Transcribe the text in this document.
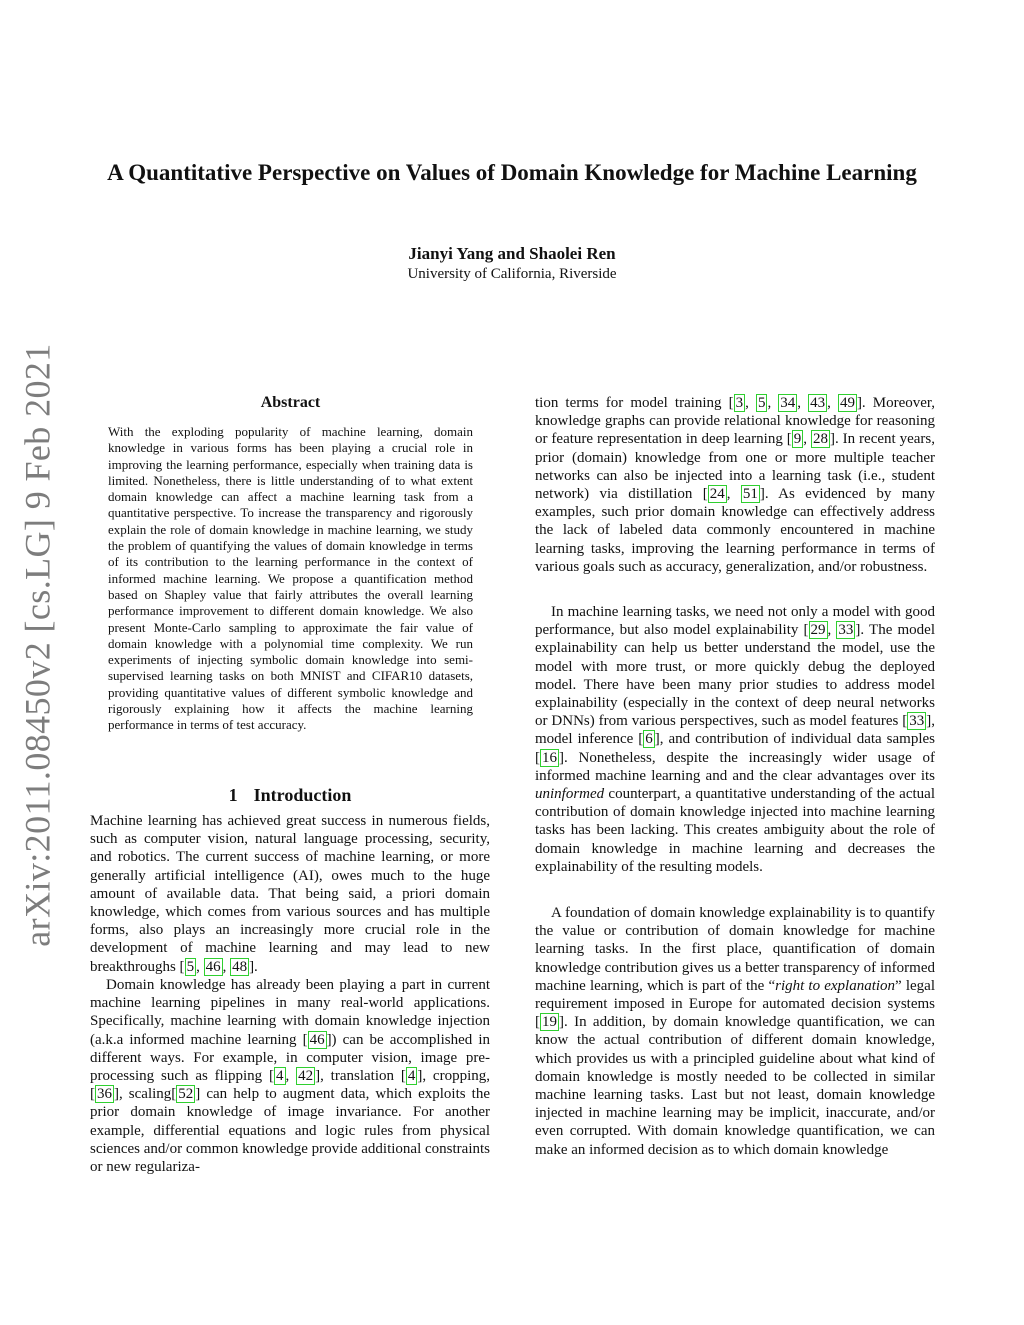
arXiv:2011.08450v2 [cs.LG] 9 Feb 2021
A Quantitative Perspective on Values of Domain Knowledge for Machine Learning
Jianyi Yang and Shaolei Ren
University of California, Riverside
Abstract

With the exploding popularity of machine learning, domain knowledge in various forms has been playing a crucial role in improving the learning performance, especially when training data is limited. Nonetheless, there is little understanding of to what extent domain knowledge can affect a machine learning task from a quantitative perspective. To increase the transparency and rigorously explain the role of domain knowledge in machine learning, we study the problem of quantifying the values of domain knowledge in terms of its contribution to the learning performance in the context of informed machine learning. We propose a quantification method based on Shapley value that fairly attributes the overall learning performance improvement to different domain knowledge. We also present Monte-Carlo sampling to approximate the fair value of domain knowledge with a polynomial time complexity. We run experiments of injecting symbolic domain knowledge into semi-supervised learning tasks on both MNIST and CIFAR10 datasets, providing quantitative values of different symbolic knowledge and rigorously explaining how it affects the machine learning performance in terms of test accuracy.

1 Introduction

Machine learning has achieved great success in numerous fields, such as computer vision, natural language processing, security, and robotics. The current success of machine learning, or more generally artificial intelligence (AI), owes much to the huge amount of available data. That being said, a priori domain knowledge, which comes from various sources and has multiple forms, also plays an increasingly more crucial role in the development of machine learning and may lead to new breakthroughs [ 5 , 46 , 48 ].

Domain knowledge has already been playing a part in current machine learning pipelines in many real-world applications. Specifically, machine learning with domain knowledge injection (a.k.a informed machine learning [ 46 ]) can be accomplished in different ways. For example, in computer vision, image pre-processing such as flipping [ 4 , 42 ], translation [ 4 ], cropping, [ 36 ], scaling[ 52 ] can help to augment data, which exploits the prior domain knowledge of image invariance. For another example, differential equations and logic rules from physical sciences and/or common knowledge provide additional constraints or new regulariza-

tion terms for model training [ 3 , 5 , 34 , 43 , 49 ]. Moreover, knowledge graphs can provide relational knowledge for reasoning or feature representation in deep learning [ 9 , 28 ]. In recent years, prior (domain) knowledge from one or more multiple teacher networks can also be injected into a learning task (i.e., student network) via distillation [ 24 , 51 ]. As evidenced by many examples, such prior domain knowledge can effectively address the lack of labeled data commonly encountered in machine learning tasks, improving the learning performance in terms of various goals such as accuracy, generalization, and/or robustness.

In machine learning tasks, we need not only a model with good performance, but also model explainability [ 29 , 33 ]. The model explainability can help us better understand the model, use the model with more trust, or more quickly debug the deployed model. There have been many prior studies to address model explainability (especially in the context of deep neural networks or DNNs) from various perspectives, such as model features [ 33 ], model inference [ 6 ], and contribution of individual data samples [ 16 ]. Nonetheless, despite the increasingly wider usage of informed machine learning and and the clear advantages over its uninformed counterpart, a quantitative understanding of the actual contribution of domain knowledge injected into machine learning tasks has been lacking. This creates ambiguity about the role of domain knowledge in machine learning and decreases the explainability of the resulting models.

A foundation of domain knowledge explainability is to quantify the value or contribution of domain knowledge for machine learning tasks. In the first place, quantification of domain knowledge contribution gives us a better transparency of informed machine learning, which is part of the “right to explanation” legal requirement imposed in Europe for automated decision systems [ 19 ]. In addition, by domain knowledge quantification, we can know the actual contribution of different domain knowledge, which provides us with a principled guideline about what kind of domain knowledge is mostly needed to be collected in similar machine learning tasks. Last but not least, domain knowledge injected in machine learning may be implicit, inaccurate, and/or even corrupted. With domain knowledge quantification, we can make an informed decision as to which domain knowledge
